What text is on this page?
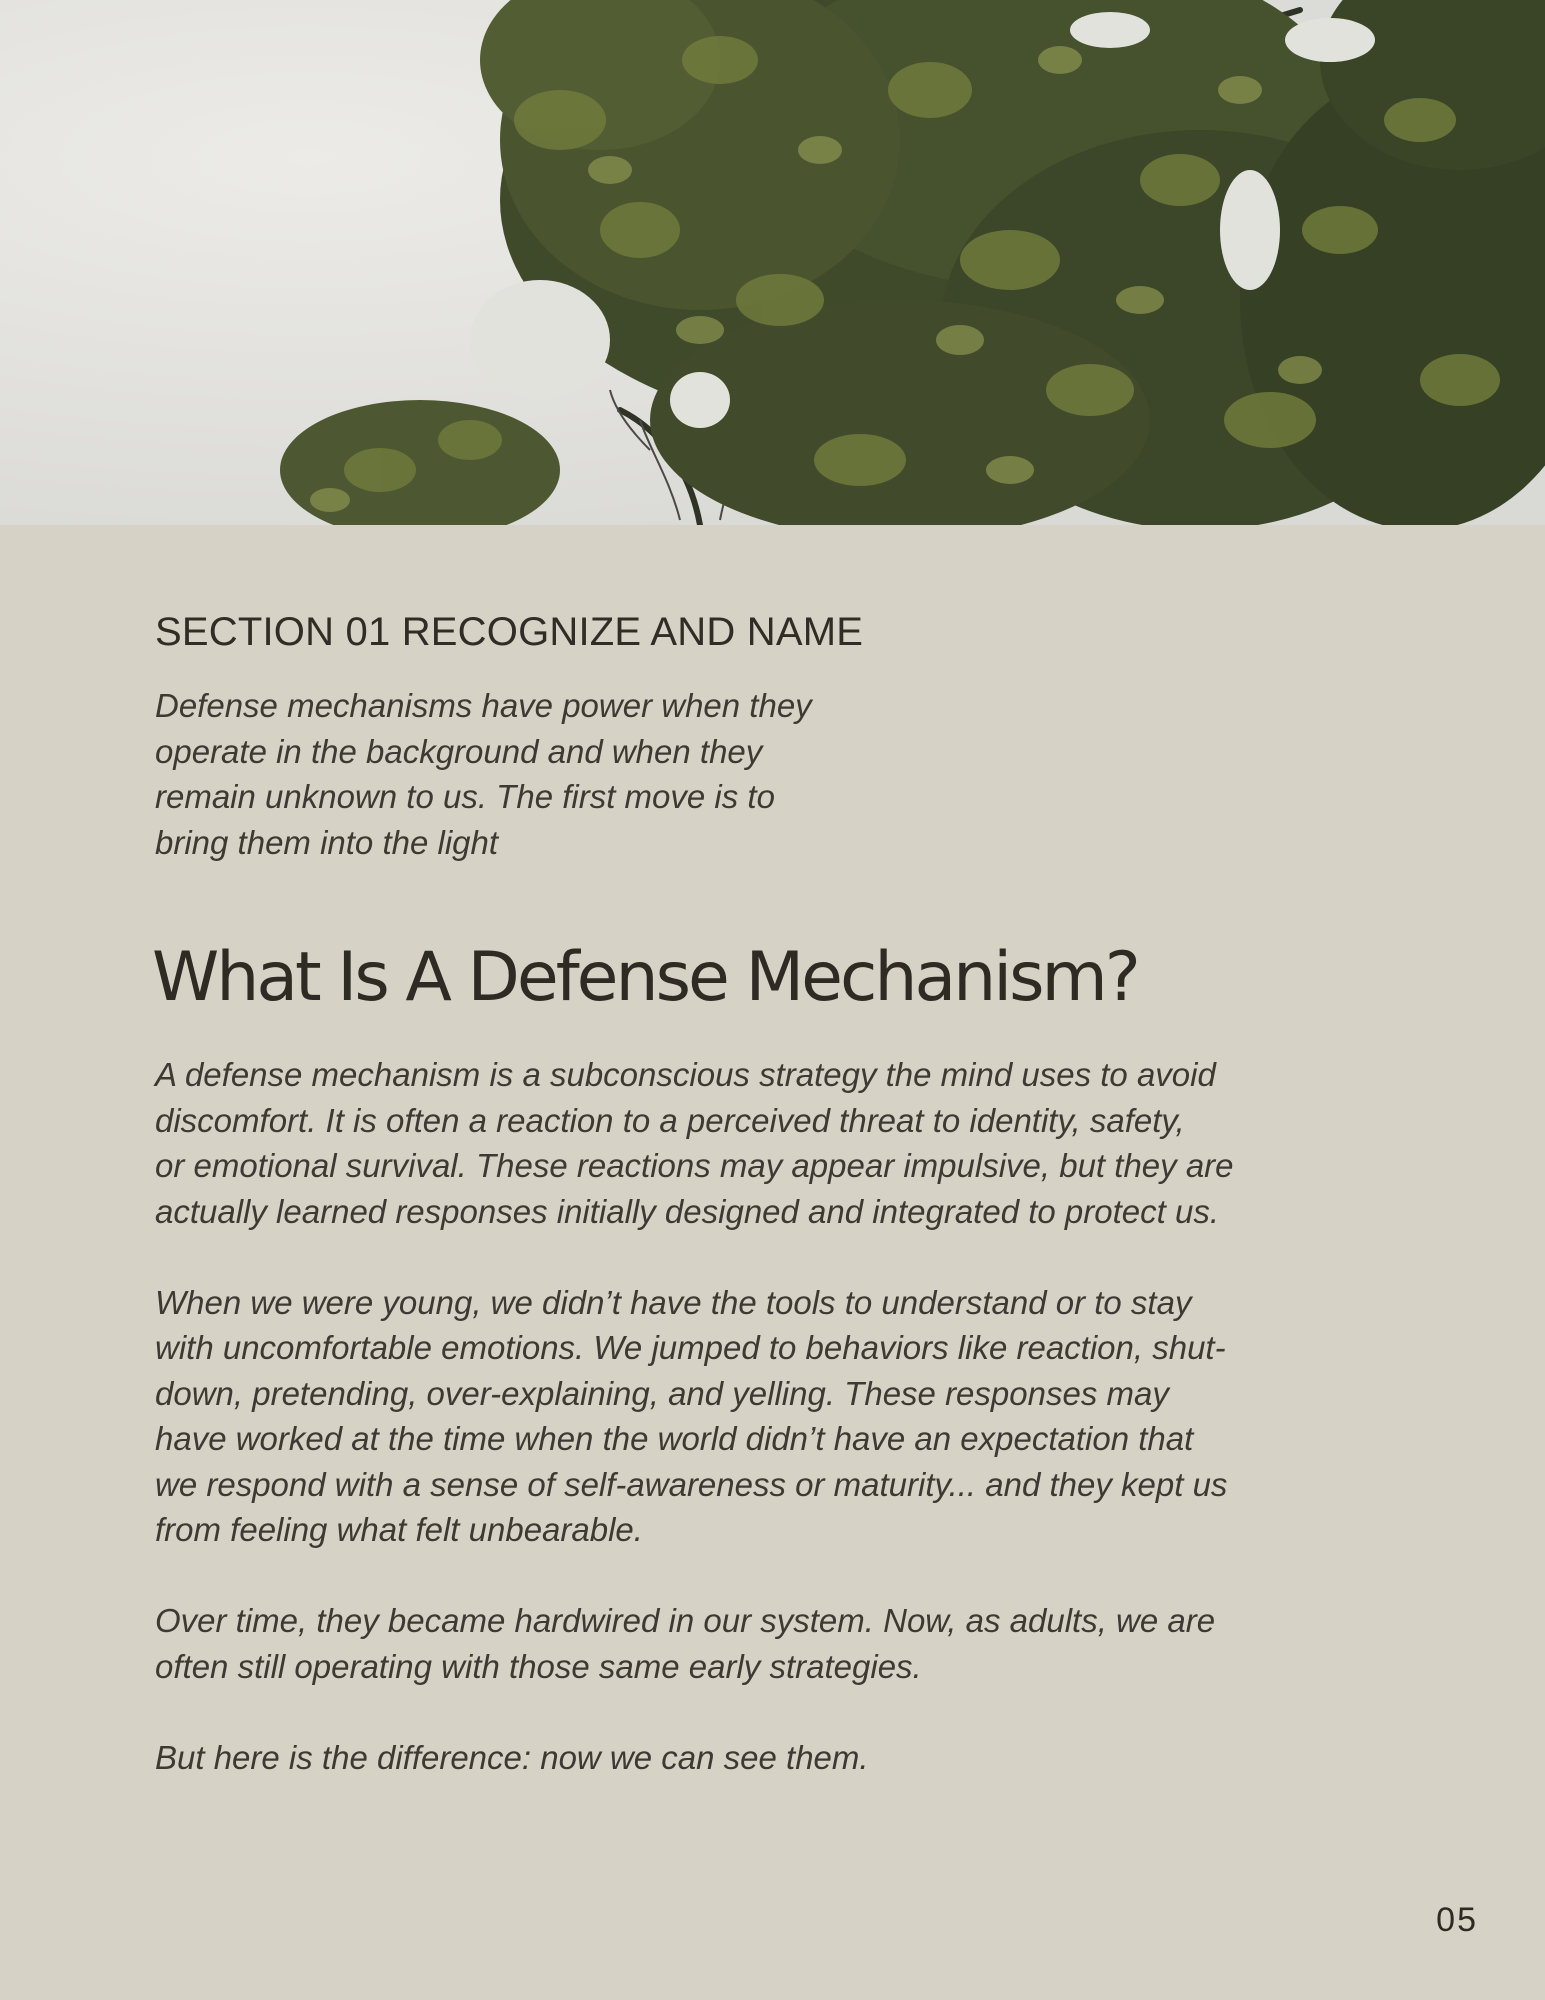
SECTION 01 RECOGNIZE AND NAME

Defense mechanisms have power when they
operate in the background and when they
remain unknown to us. The first move is to
bring them into the light

What Is A Defense Mechanism?

A defense mechanism is a subconscious strategy the mind uses to avoid
discomfort. It is often a reaction to a perceived threat to identity, safety,
or emotional survival. These reactions may appear impulsive, but they are
actually learned responses initially designed and integrated to protect us.

When we were young, we didn’t have the tools to understand or to stay
with uncomfortable emotions. We jumped to behaviors like reaction, shut-
down, pretending, over-explaining, and yelling. These responses may
have worked at the time when the world didn’t have an expectation that
we respond with a sense of self-awareness or maturity... and they kept us
from feeling what felt unbearable.

Over time, they became hardwired in our system. Now, as adults, we are
often still operating with those same early strategies.

But here is the difference: now we can see them.

05
